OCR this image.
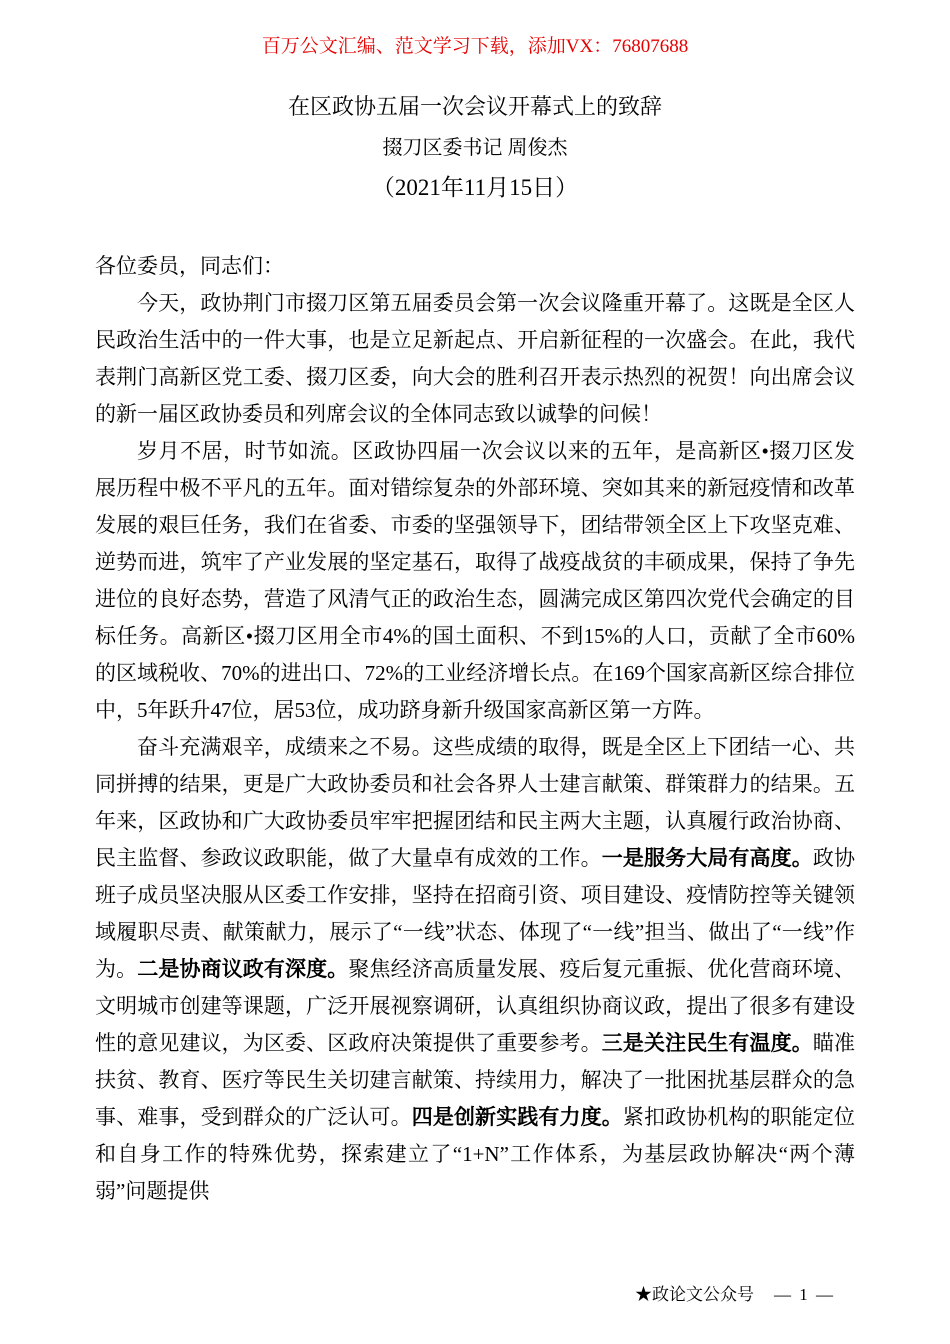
百万公文汇编、范文学习下载，添加VX：76807688
在区政协五届一次会议开幕式上的致辞
掇刀区委书记 周俊杰
（2021年11月15日）
各位委员，同志们：

今天，政协荆门市掇刀区第五届委员会第一次会议隆重开幕了。这既是全区人民政治生活中的一件大事，也是立足新起点、开启新征程的一次盛会。在此，我代表荆门高新区党工委、掇刀区委，向大会的胜利召开表示热烈的祝贺！向出席会议的新一届区政协委员和列席会议的全体同志致以诚挚的问候！

岁月不居，时节如流。区政协四届一次会议以来的五年，是高新区•掇刀区发展历程中极不平凡的五年。面对错综复杂的外部环境、突如其来的新冠疫情和改革发展的艰巨任务，我们在省委、市委的坚强领导下，团结带领全区上下攻坚克难、逆势而进，筑牢了产业发展的坚定基石，取得了战疫战贫的丰硕成果，保持了争先进位的良好态势，营造了风清气正的政治生态，圆满完成区第四次党代会确定的目标任务。高新区•掇刀区用全市4%的国土面积、不到15%的人口，贡献了全市60%的区域税收、70%的进出口、72%的工业经济增长点。在169个国家高新区综合排位中，5年跃升47位，居53位，成功跻身新升级国家高新区第一方阵。

奋斗充满艰辛，成绩来之不易。这些成绩的取得，既是全区上下团结一心、共同拼搏的结果，更是广大政协委员和社会各界人士建言献策、群策群力的结果。五年来，区政协和广大政协委员牢牢把握团结和民主两大主题，认真履行政治协商、民主监督、参政议政职能，做了大量卓有成效的工作。一是服务大局有高度。政协班子成员坚决服从区委工作安排，坚持在招商引资、项目建设、疫情防控等关键领域履职尽责、献策献力，展示了“一线”状态、体现了“一线”担当、做出了“一线”作为。二是协商议政有深度。聚焦经济高质量发展、疫后复元重振、优化营商环境、文明城市创建等课题，广泛开展视察调研，认真组织协商议政，提出了很多有建设性的意见建议，为区委、区政府决策提供了重要参考。三是关注民生有温度。瞄准扶贫、教育、医疗等民生关切建言献策、持续用力，解决了一批困扰基层群众的急事、难事，受到群众的广泛认可。四是创新实践有力度。紧扣政协机构的职能定位和自身工作的特殊优势，探索建立了“1+N”工作体系，为基层政协解决“两个薄弱”问题提供

★政论文公众号 — 1 —
